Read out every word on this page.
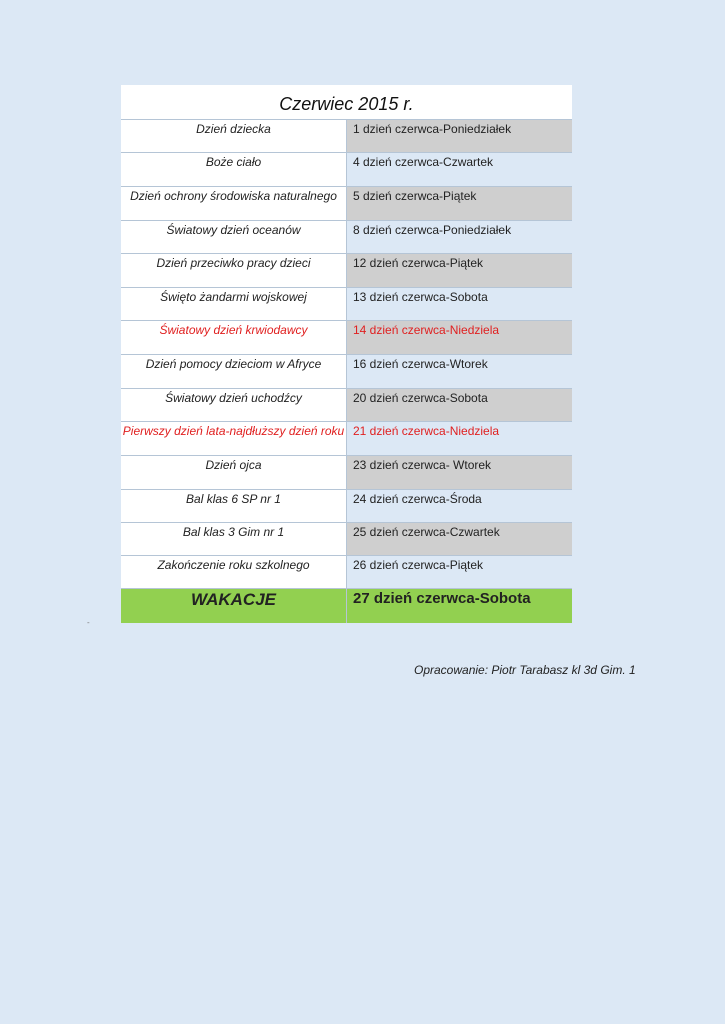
Czerwiec 2015 r.	

Dzień dziecka	1 dzień czerwca-Poniedziałek

Boże ciało	4 dzień czerwca-Czwartek

Dzień ochrony środowiska naturalnego	5 dzień czerwca-Piątek

Światowy dzień oceanów	8 dzień czerwca-Poniedziałek

Dzień przeciwko pracy dzieci	12 dzień czerwca-Piątek

Święto żandarmi wojskowej	13 dzień czerwca-Sobota

Światowy dzień krwiodawcy	14 dzień czerwca-Niedziela

Dzień pomocy dzieciom w Afryce	16 dzień czerwca-Wtorek

Światowy dzień uchodźcy	20 dzień czerwca-Sobota

Pierwszy dzień lata-najdłuższy dzień roku	21 dzień czerwca-Niedziela

Dzień ojca	23 dzień czerwca- Wtorek

Bal klas 6 SP nr 1	24 dzień czerwca-Środa

Bal klas 3 Gim nr 1	25 dzień czerwca-Czwartek

Zakończenie roku szkolnego	26 dzień czerwca-Piątek

WAKACJE	27 dzień czerwca-Sobota
-
Opracowanie: Piotr Tarabasz kl 3d Gim. 1
